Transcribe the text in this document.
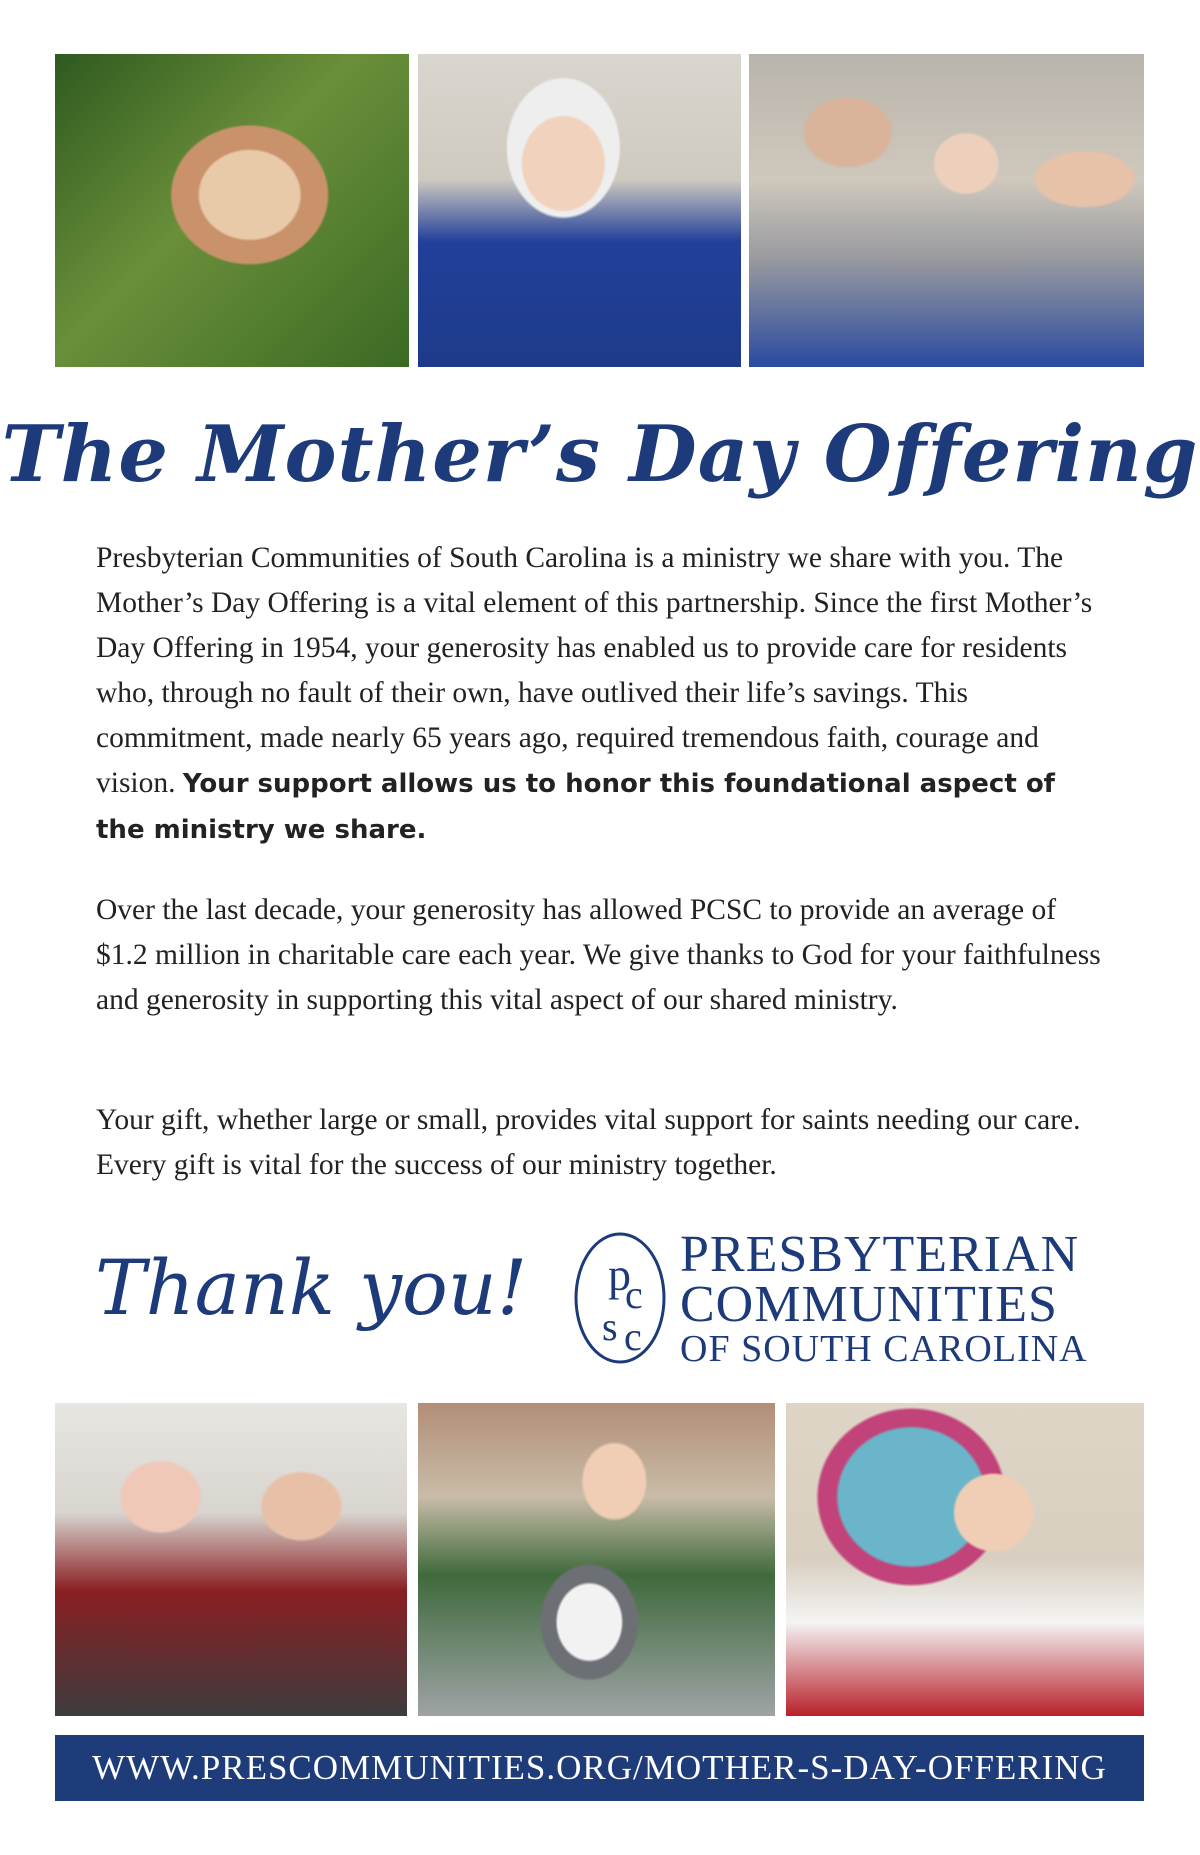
The Mother’s Day Offering

Presbyterian Communities of South Carolina is a ministry we share with you. The Mother’s Day Offering is a vital element of this partnership. Since the first Mother’s Day Offering in 1954, your generosity has enabled us to provide care for residents who, through no fault of their own, have outlived their life’s savings. This commitment, made nearly 65 years ago, required tremendous faith, courage and vision. Your support allows us to honor this foundational aspect of the ministry we share.

Over the last decade, your generosity has allowed PCSC to provide an average of $1.2 million in charitable care each year. We give thanks to God for your faithfulness and generosity in supporting this vital aspect of our shared ministry.

Your gift, whether large or small, provides vital support for saints needing our care. Every gift is vital for the success of our ministry together.

Thank you!	p
c
s c
PRESBYTERIAN
COMMUNITIES
OF SOUTH CAROLINA
WWW.PRESCOMMUNITIES.ORG/MOTHER-S-DAY-OFFERING
